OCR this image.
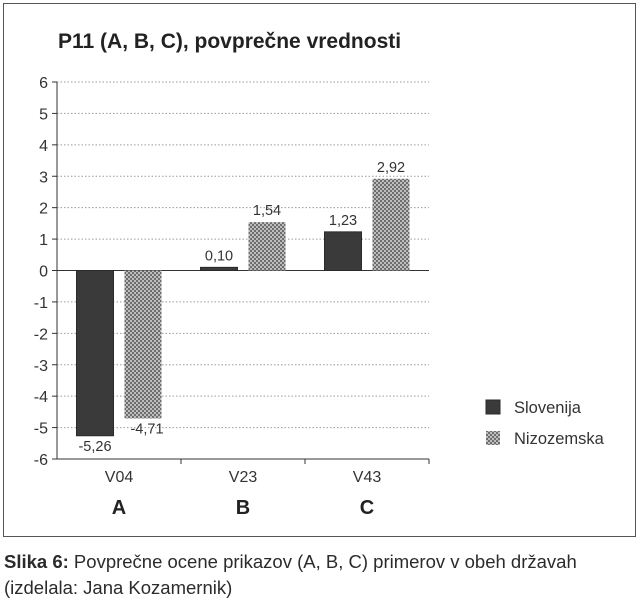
P11 (A, B, C), povprečne vrednosti
6
5
4
3
2
1
0
-1
-2
-3
-4
-5
-6
V04
A
-5,26
-4,71
V23
B
0,10
1,54
V43
C
1,23
2,92
Slovenija
Nizozemska
Slika 6: Povprečne ocene prikazov (A, B, C) primerov v obeh državah (izdelala: Jana Kozamernik)
